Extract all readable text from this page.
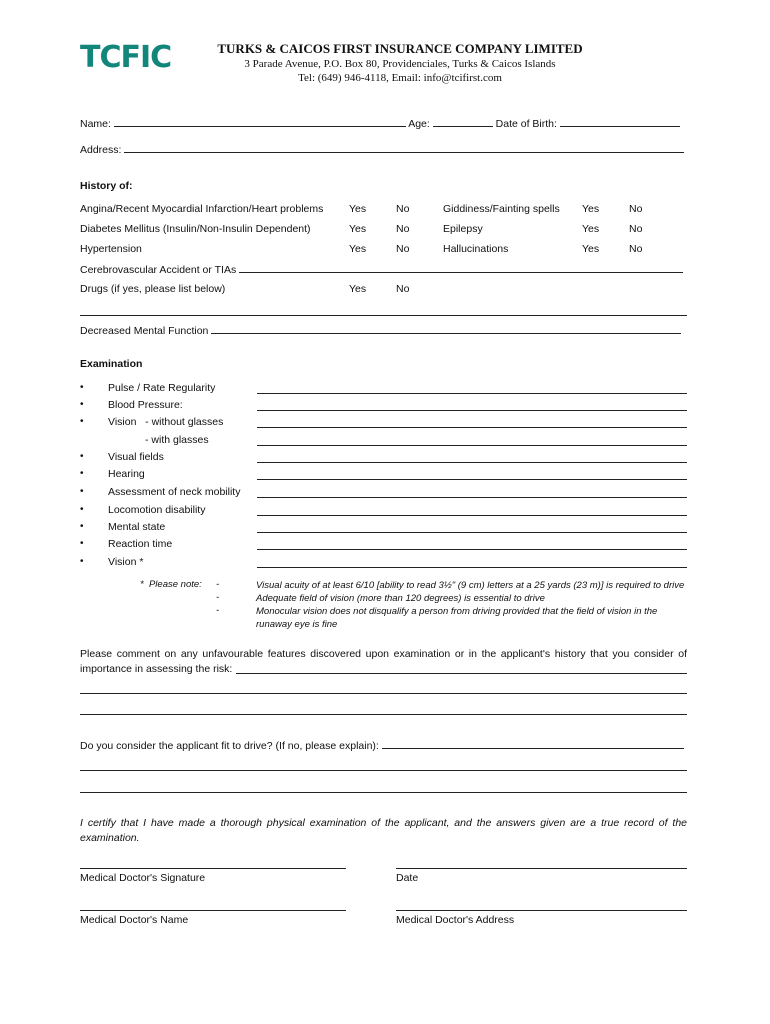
TCFIC	TURKS & CAICOS FIRST INSURANCE COMPANY LIMITED
3 Parade Avenue, P.O. Box 80, Providenciales, Turks & Caicos Islands
Tel: (649) 946-4118, Email: info@tcifirst.com
Name:	Age:	Date of Birth:
Address:
History of:
Angina/Recent Myocardial Infarction/Heart problems Yes	No	Giddiness/Fainting spells Yes	No
Diabetes Mellitus (Insulin/Non-Insulin Dependent)	Yes	No	Epilepsy	Yes	No
Hypertension	Yes	No	Hallucinations	Yes	No
Cerebrovascular Accident or TIAs
Drugs (if yes, please list below)	Yes	No
Decreased Mental Function
Examination
• Pulse / Rate Regularity
• Blood Pressure:
• Vision   - without glasses
- with glasses
• Visual fields
• Hearing
• Assessment of neck mobility
• Locomotion disability
• Mental state
• Reaction time
• Vision *
*  Please note: -	Visual acuity of at least 6/10 [ability to read 3½" (9 cm) letters at a 25 yards (23 m)] is required to drive
-	Adequate field of vision (more than 120 degrees) is essential to drive
-	Monocular vision does not disqualify a person from driving provided that the field of vision in the runaway eye is fine
Please comment on any unfavourable features discovered upon examination or in the applicant's history that you consider of importance in assessing the risk:
Do you consider the applicant fit to drive? (If no, please explain):
I certify that I have made a thorough physical examination of the applicant, and the answers given are a true record of the examination.
Medical Doctor's Signature	Date
Medical Doctor's Name	Medical Doctor's Address
